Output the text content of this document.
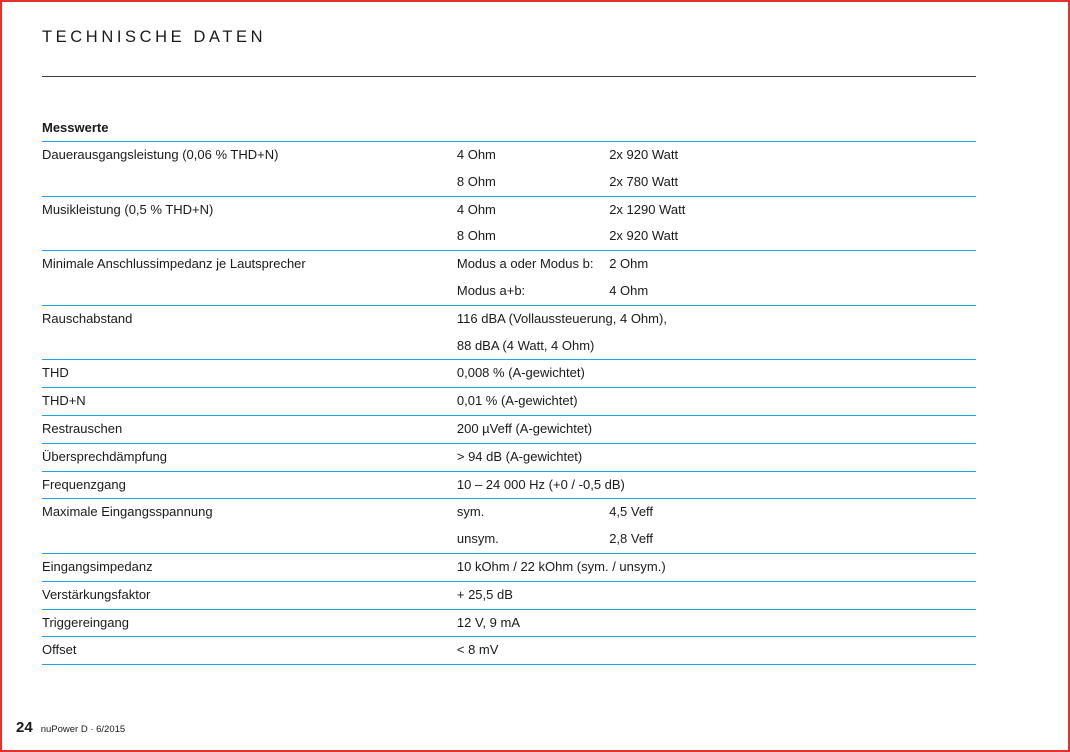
TECHNISCHE DATEN
Messwerte
Dauerausgangsleistung (0,06 % THD+N)	4 Ohm	2x 920 Watt
	8 Ohm	2x 780 Watt
Musikleistung (0,5 % THD+N)	4 Ohm	2x 1290 Watt
	8 Ohm	2x 920 Watt
Minimale Anschlussimpedanz je Lautsprecher	Modus a oder Modus b:	2 Ohm
	Modus a+b:	4 Ohm
Rauschabstand	116 dBA (Vollaussteuerung, 4 Ohm),	
	88 dBA (4 Watt, 4 Ohm)	
THD	0,008 % (A-gewichtet)	
THD+N	0,01 % (A-gewichtet)	
Restrauschen	200 µVeff (A-gewichtet)	
Übersprechdämpfung	> 94 dB (A-gewichtet)	
Frequenzgang	10 – 24 000 Hz (+0 / -0,5 dB)	
Maximale Eingangsspannung	sym.	4,5 Veff
	unsym.	2,8 Veff
Eingangsimpedanz	10 kOhm / 22 kOhm (sym. / unsym.)	
Verstärkungsfaktor	+ 25,5 dB	
Triggereingang	12 V, 9 mA	
Offset	< 8 mV	
24 nuPower D · 6/2015
